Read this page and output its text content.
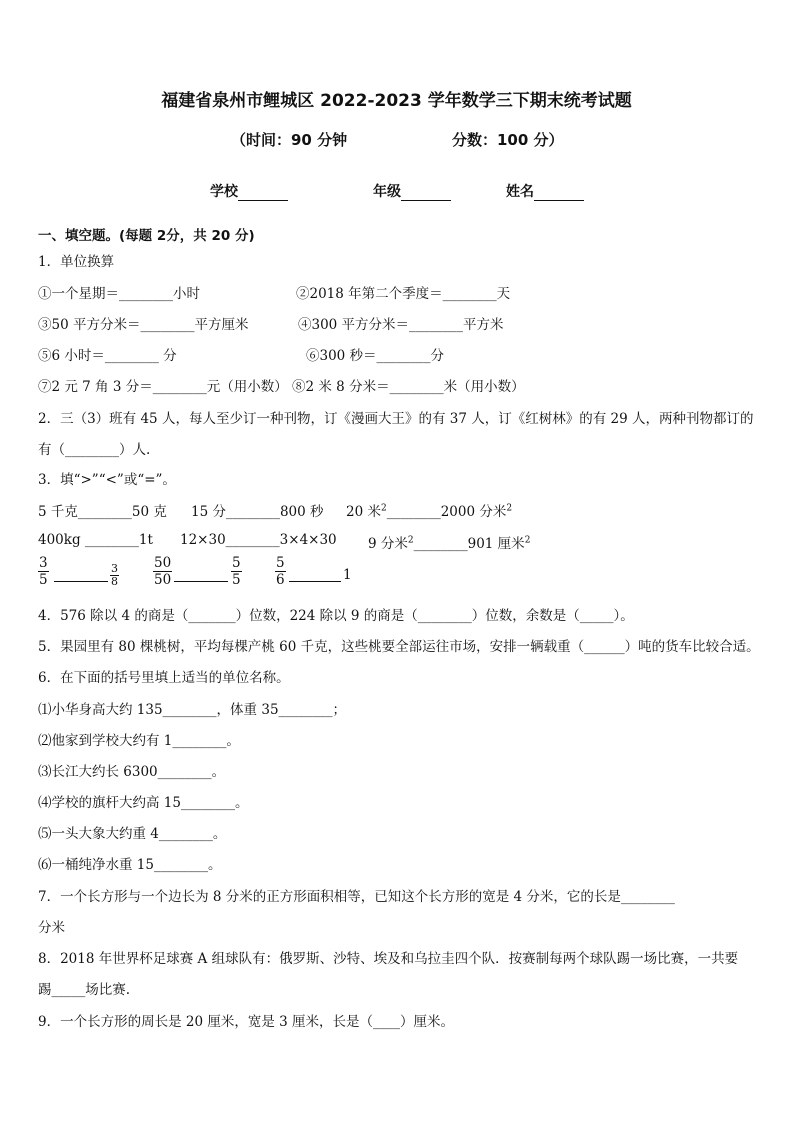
福建省泉州市鲤城区 2022-2023 学年数学三下期末统考试题
（时间：90 分钟	分数：100 分）
学校	年级	姓名
一、填空题。(每题 2分，共 20 分)
1．单位换算
①一个星期＝________小时	②2018 年第二个季度＝________天
③50 平方分米＝________平方厘米	④300 平方分米＝________平方米
⑤6 小时＝________ 分	⑥300 秒＝________分
⑦2 元 7 角 3 分＝________元（用小数） ⑧2 米 8 分米＝________米（用小数）
2．三（3）班有 45 人，每人至少订一种刊物，订《漫画大王》的有 37 人，订《红树林》的有 29 人，两种刊物都订的
有（________）人.
3．填“>”“<”或“=”。
5 千克________50 克 15 分________800 秒 20 米$^2$________2000 分米$^2$
400kg ________1t 12×30________3×4×30 9 分米$^2$________901 厘米$^2$
$\frac{3}{5}$	$\frac{3}{8}$	$\frac{50}{50}$	$\frac{5}{5} \frac{5}{6}$	1
4．576 除以 4 的商是（_______）位数，224 除以 9 的商是（________）位数，余数是（_____）。
5．果园里有 80 棵桃树，平均每棵产桃 60 千克，这些桃要全部运往市场，安排一辆载重（______）吨的货车比较合适。
6．在下面的括号里填上适当的单位名称。
⑴小华身高大约 135________，体重 35________；
⑵他家到学校大约有 1________。
⑶长江大约长 6300________。
⑷学校的旗杆大约高 15________。
⑸一头大象大约重 4________。
⑹一桶纯净水重 15________。
7．一个长方形与一个边长为 8 分米的正方形面积相等，已知这个长方形的宽是 4 分米，它的长是________
分米
8．2018 年世界杯足球赛 A 组球队有：俄罗斯、沙特、埃及和乌拉圭四个队．按赛制每两个球队踢一场比赛，一共要
踢_____场比赛.
9．一个长方形的周长是 20 厘米，宽是 3 厘米，长是（____）厘米。
